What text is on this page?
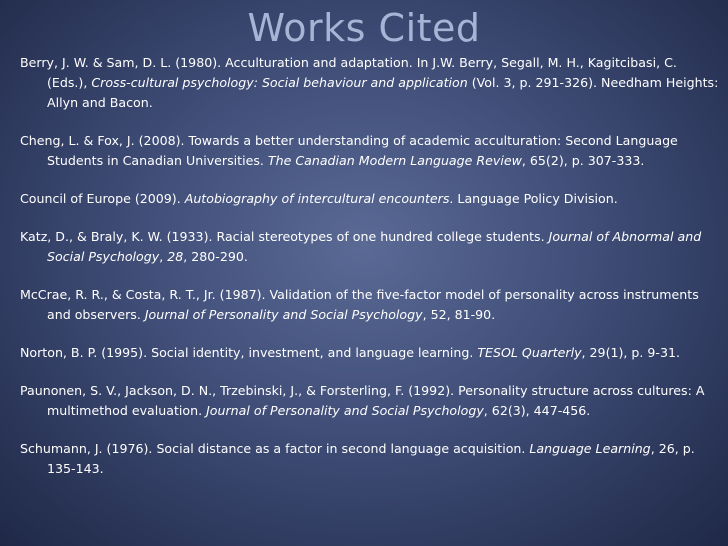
Works Cited

Berry, J. W. & Sam, D. L. (1980). Acculturation and adaptation. In J.W. Berry, Segall, M. H., Kagitcibasi, C. (Eds.), Cross-cultural psychology: Social behaviour and application (Vol. 3, p. 291-326). Needham Heights: Allyn and Bacon.

Cheng, L. & Fox, J. (2008). Towards a better understanding of academic acculturation: Second Language Students in Canadian Universities. The Canadian Modern Language Review, 65(2), p. 307-333.

Council of Europe (2009). Autobiography of intercultural encounters. Language Policy Division.

Katz, D., & Braly, K. W. (1933). Racial stereotypes of one hundred college students. Journal of Abnormal and Social Psychology, 28, 280-290.

McCrae, R. R., & Costa, R. T., Jr. (1987). Validation of the five-factor model of personality across instruments and observers. Journal of Personality and Social Psychology, 52, 81-90.

Norton, B. P. (1995). Social identity, investment, and language learning. TESOL Quarterly, 29(1), p. 9-31.

Paunonen, S. V., Jackson, D. N., Trzebinski, J., & Forsterling, F. (1992). Personality structure across cultures: A multimethod evaluation. Journal of Personality and Social Psychology, 62(3), 447-456.

Schumann, J. (1976). Social distance as a factor in second language acquisition. Language Learning, 26, p. 135-143.
